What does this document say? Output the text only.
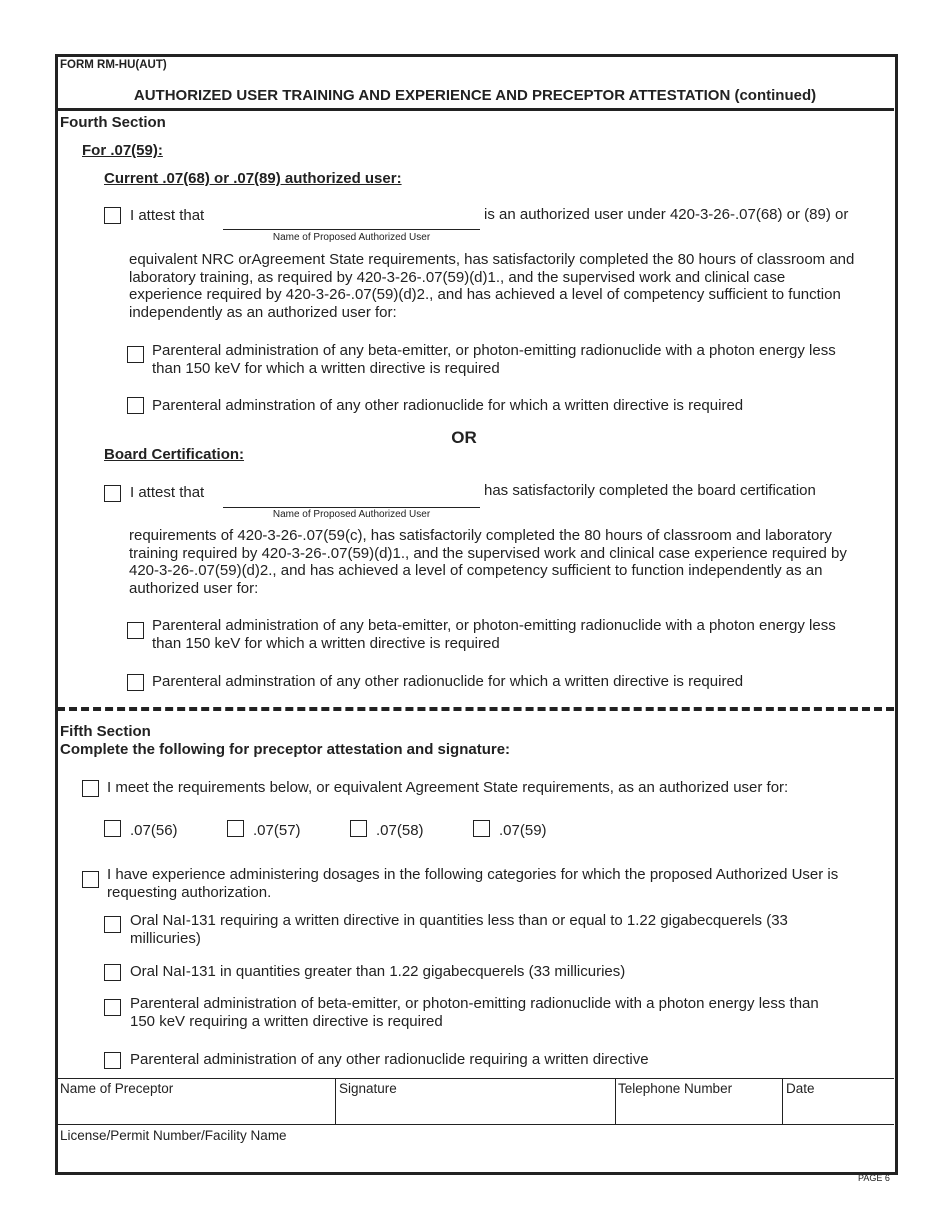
FORM RM-HU(AUT)
AUTHORIZED USER TRAINING AND EXPERIENCE AND PRECEPTOR ATTESTATION (continued)
Fourth Section
For .07(59):
Current .07(68) or .07(89) authorized user:
I attest that
Name of Proposed Authorized User
is an authorized user under 420-3-26-.07(68) or (89) or
equivalent NRC orAgreement State requirements, has satisfactorily completed the 80 hours of classroom and
laboratory training, as required by 420-3-26-.07(59)(d)1., and the supervised work and clinical case
experience required by 420-3-26-.07(59)(d)2., and has achieved a level of competency sufficient to function
independently as an authorized user for:
Parenteral administration of any beta-emitter, or photon-emitting radionuclide with a photon energy less
than 150 keV for which a written directive is required
Parenteral adminstration of any other radionuclide for which a written directive is required
OR
Board Certification:
I attest that
Name of Proposed Authorized User
has satisfactorily completed the board certification
requirements of 420-3-26-.07(59(c), has satisfactorily completed the 80 hours of classroom and laboratory
training required by 420-3-26-.07(59)(d)1., and the supervised work and clinical case experience required by
420-3-26-.07(59)(d)2., and has achieved a level of competency sufficient to function independently as an
authorized user for:
Parenteral administration of any beta-emitter, or photon-emitting radionuclide with a photon energy less
than 150 keV for which a written directive is required
Parenteral adminstration of any other radionuclide for which a written directive is required
Fifth Section
Complete the following for preceptor attestation and signature:
I meet the requirements below, or equivalent Agreement State requirements, as an authorized user for:
.07(56)	.07(57)	.07(58)	.07(59)
I have experience administering dosages in the following categories for which the proposed Authorized User is
requesting authorization.
Oral NaI-131 requiring a written directive in quantities less than or equal to 1.22 gigabecquerels (33
millicuries)
Oral NaI-131 in quantities greater than 1.22 gigabecquerels (33 millicuries)
Parenteral administration of beta-emitter, or photon-emitting radionuclide with a photon energy less than
150 keV requiring a written directive is required
Parenteral administration of any other radionuclide requiring a written directive
Name of Preceptor	Signature	Telephone Number	Date
License/Permit Number/Facility Name
PAGE 6
